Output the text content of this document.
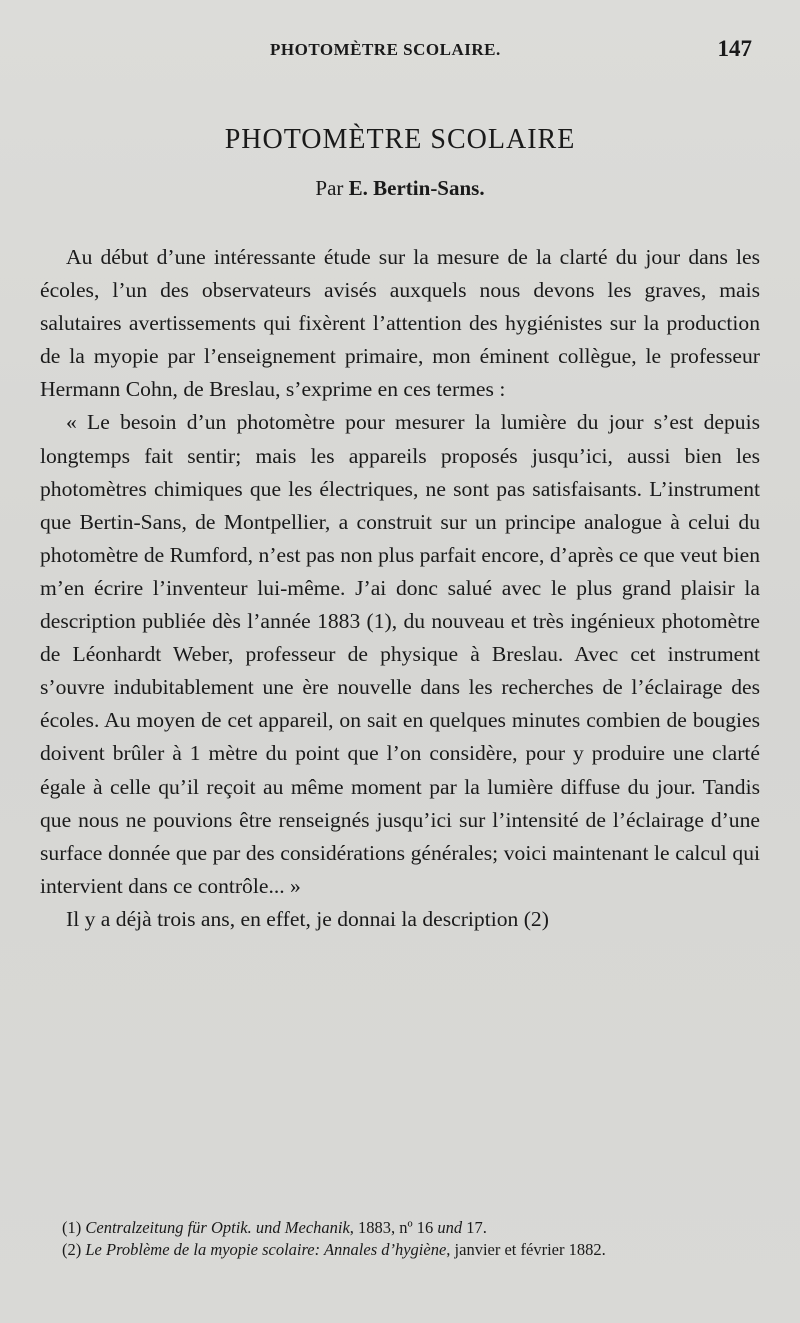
PHOTOMÈTRE SCOLAIRE.	147
PHOTOMÈTRE SCOLAIRE
Par E. Bertin-Sans.

Au début d’une intéressante étude sur la mesure de la clarté du jour dans les écoles, l’un des observateurs avisés auxquels nous devons les graves, mais salutaires avertissements qui fixèrent l’attention des hygiénistes sur la production de la myopie par l’enseignement primaire, mon éminent collègue, le professeur Hermann Cohn, de Breslau, s’exprime en ces termes :

« Le besoin d’un photomètre pour mesurer la lumière du jour s’est depuis longtemps fait sentir; mais les appareils proposés jusqu’ici, aussi bien les photomètres chimiques que les électriques, ne sont pas satisfaisants. L’instrument que Bertin-Sans, de Montpellier, a construit sur un principe analogue à celui du photomètre de Rumford, n’est pas non plus parfait encore, d’après ce que veut bien m’en écrire l’inventeur lui-même. J’ai donc salué avec le plus grand plaisir la description publiée dès l’année 1883 (1), du nouveau et très ingénieux photomètre de Léonhardt Weber, professeur de physique à Breslau. Avec cet instrument s’ouvre indubitablement une ère nouvelle dans les recherches de l’éclairage des écoles. Au moyen de cet appareil, on sait en quelques minutes combien de bougies doivent brûler à 1 mètre du point que l’on considère, pour y produire une clarté égale à celle qu’il reçoit au même moment par la lumière diffuse du jour. Tandis que nous ne pouvions être renseignés jusqu’ici sur l’intensité de l’éclairage d’une surface donnée que par des considérations générales; voici maintenant le calcul qui intervient dans ce contrôle... »

Il y a déjà trois ans, en effet, je donnai la description (2)

(1) Centralzeitung für Optik. und Mechanik, 1883, nº 16 und 17.

(2) Le Problème de la myopie scolaire: Annales d’hygiène, janvier et février 1882.
